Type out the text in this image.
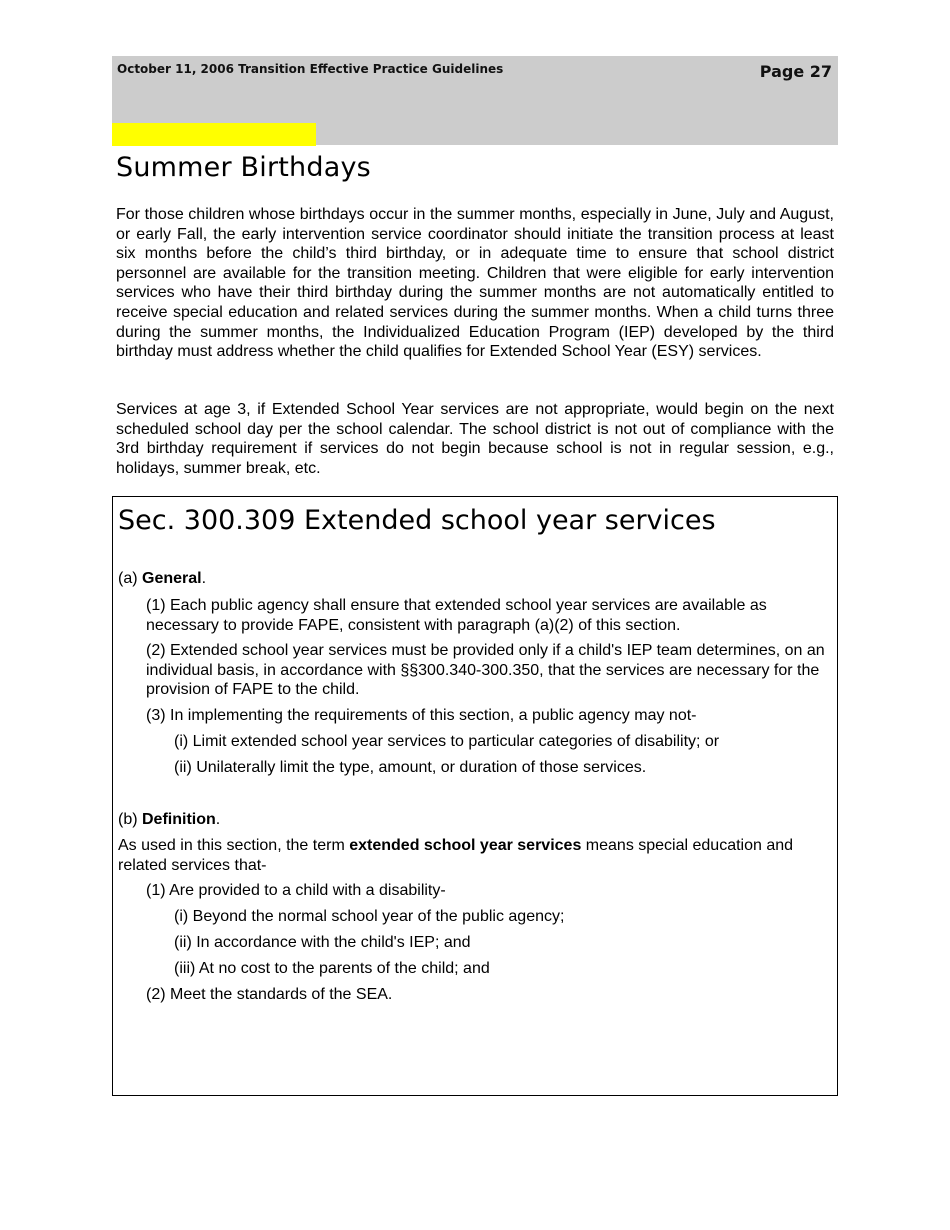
October 11, 2006 Transition Effective Practice Guidelines	Page 27
Summer Birthdays

For those children whose birthdays occur in the summer months, especially in June, July and August, or early Fall, the early intervention service coordinator should initiate the transition process at least six months before the child’s third birthday, or in adequate time to ensure that school district personnel are available for the transition meeting. Children that were eligible for early intervention services who have their third birthday during the summer months are not automatically entitled to receive special education and related services during the summer months. When a child turns three during the summer months, the Individualized Education Program (IEP) developed by the third birthday must address whether the child qualifies for Extended School Year (ESY) services.

Services at age 3, if Extended School Year services are not appropriate, would begin on the next scheduled school day per the school calendar. The school district is not out of compliance with the 3rd birthday requirement if services do not begin because school is not in regular session, e.g., holidays, summer break, etc.

Sec. 300.309 Extended school year services

(a) General.

(1) Each public agency shall ensure that extended school year services are available as necessary to provide FAPE, consistent with paragraph (a)(2) of this section.

(2) Extended school year services must be provided only if a child's IEP team determines, on an individual basis, in accordance with §§300.340-300.350, that the services are necessary for the provision of FAPE to the child.

(3) In implementing the requirements of this section, a public agency may not-

(i) Limit extended school year services to particular categories of disability; or

(ii) Unilaterally limit the type, amount, or duration of those services.

(b) Definition.

As used in this section, the term extended school year services means special education and related services that-

(1) Are provided to a child with a disability-

(i) Beyond the normal school year of the public agency;

(ii) In accordance with the child's IEP; and

(iii) At no cost to the parents of the child; and

(2) Meet the standards of the SEA.
